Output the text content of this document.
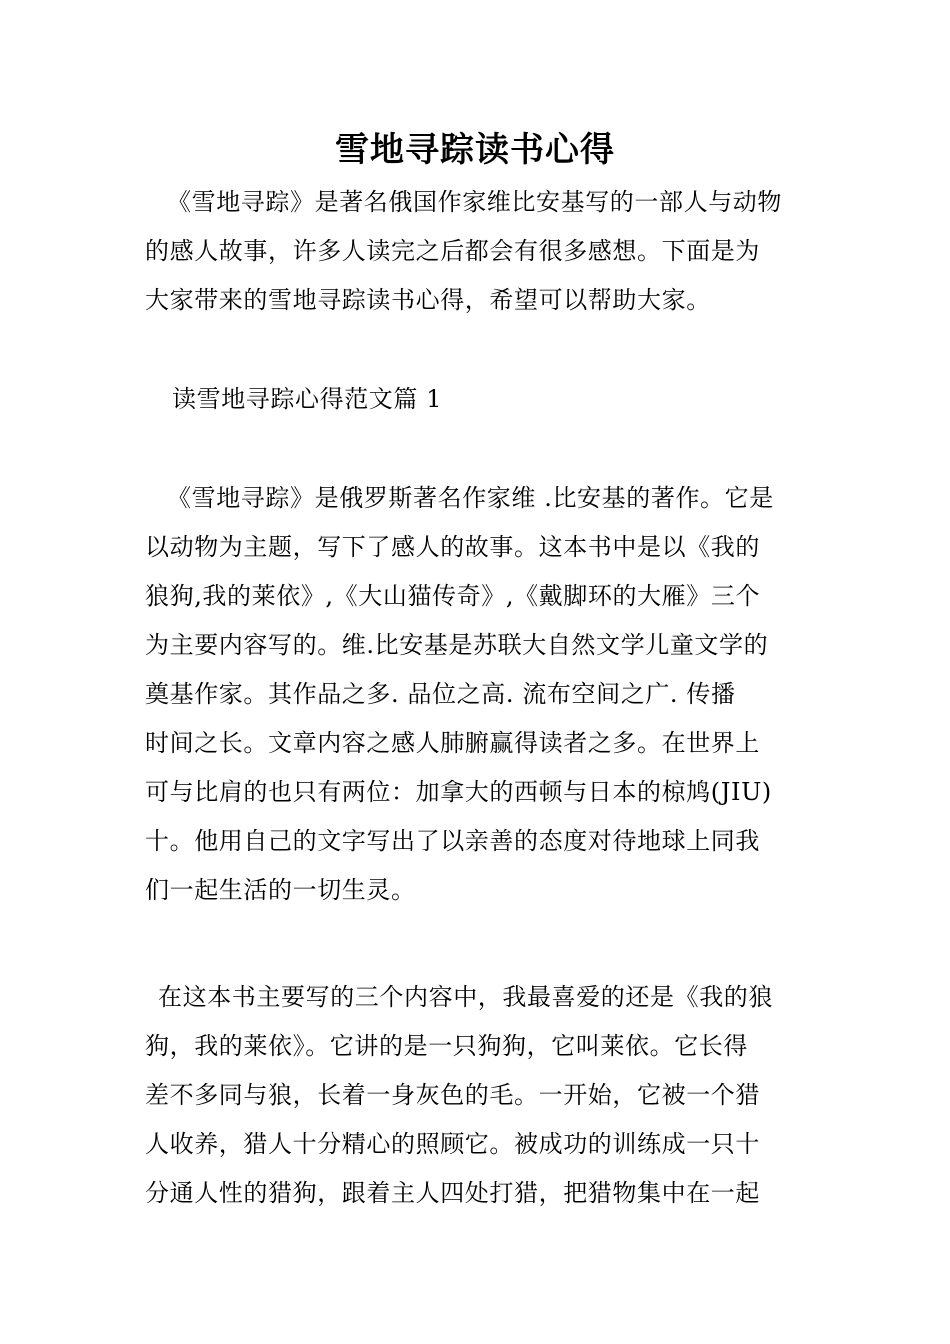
雪地寻踪读书心得
《雪地寻踪》是著名俄国作家维比安基写的一部人与动物
的感人故事，许多人读完之后都会有很多感想。下面是为
大家带来的雪地寻踪读书心得，希望可以帮助大家。
读雪地寻踪心得范文篇 1
《雪地寻踪》是俄罗斯著名作家维 .比安基的著作。它是
以动物为主题，写下了感人的故事。这本书中是以《我的
狼狗,我的莱依》,《大山猫传奇》,《戴脚环的大雁》三个
为主要内容写的。维.比安基是苏联大自然文学儿童文学的
奠基作家。其作品之多. 品位之高. 流布空间之广. 传播
时间之长。文章内容之感人肺腑赢得读者之多。在世界上
可与比肩的也只有两位：加拿大的西顿与日本的椋鸠(JIU)
十。他用自己的文字写出了以亲善的态度对待地球上同我
们一起生活的一切生灵。
在这本书主要写的三个内容中，我最喜爱的还是《我的狼
狗，我的莱依》。它讲的是一只狗狗，它叫莱依。它长得
差不多同与狼，长着一身灰色的毛。一开始，它被一个猎
人收养，猎人十分精心的照顾它。被成功的训练成一只十
分通人性的猎狗，跟着主人四处打猎，把猎物集中在一起
